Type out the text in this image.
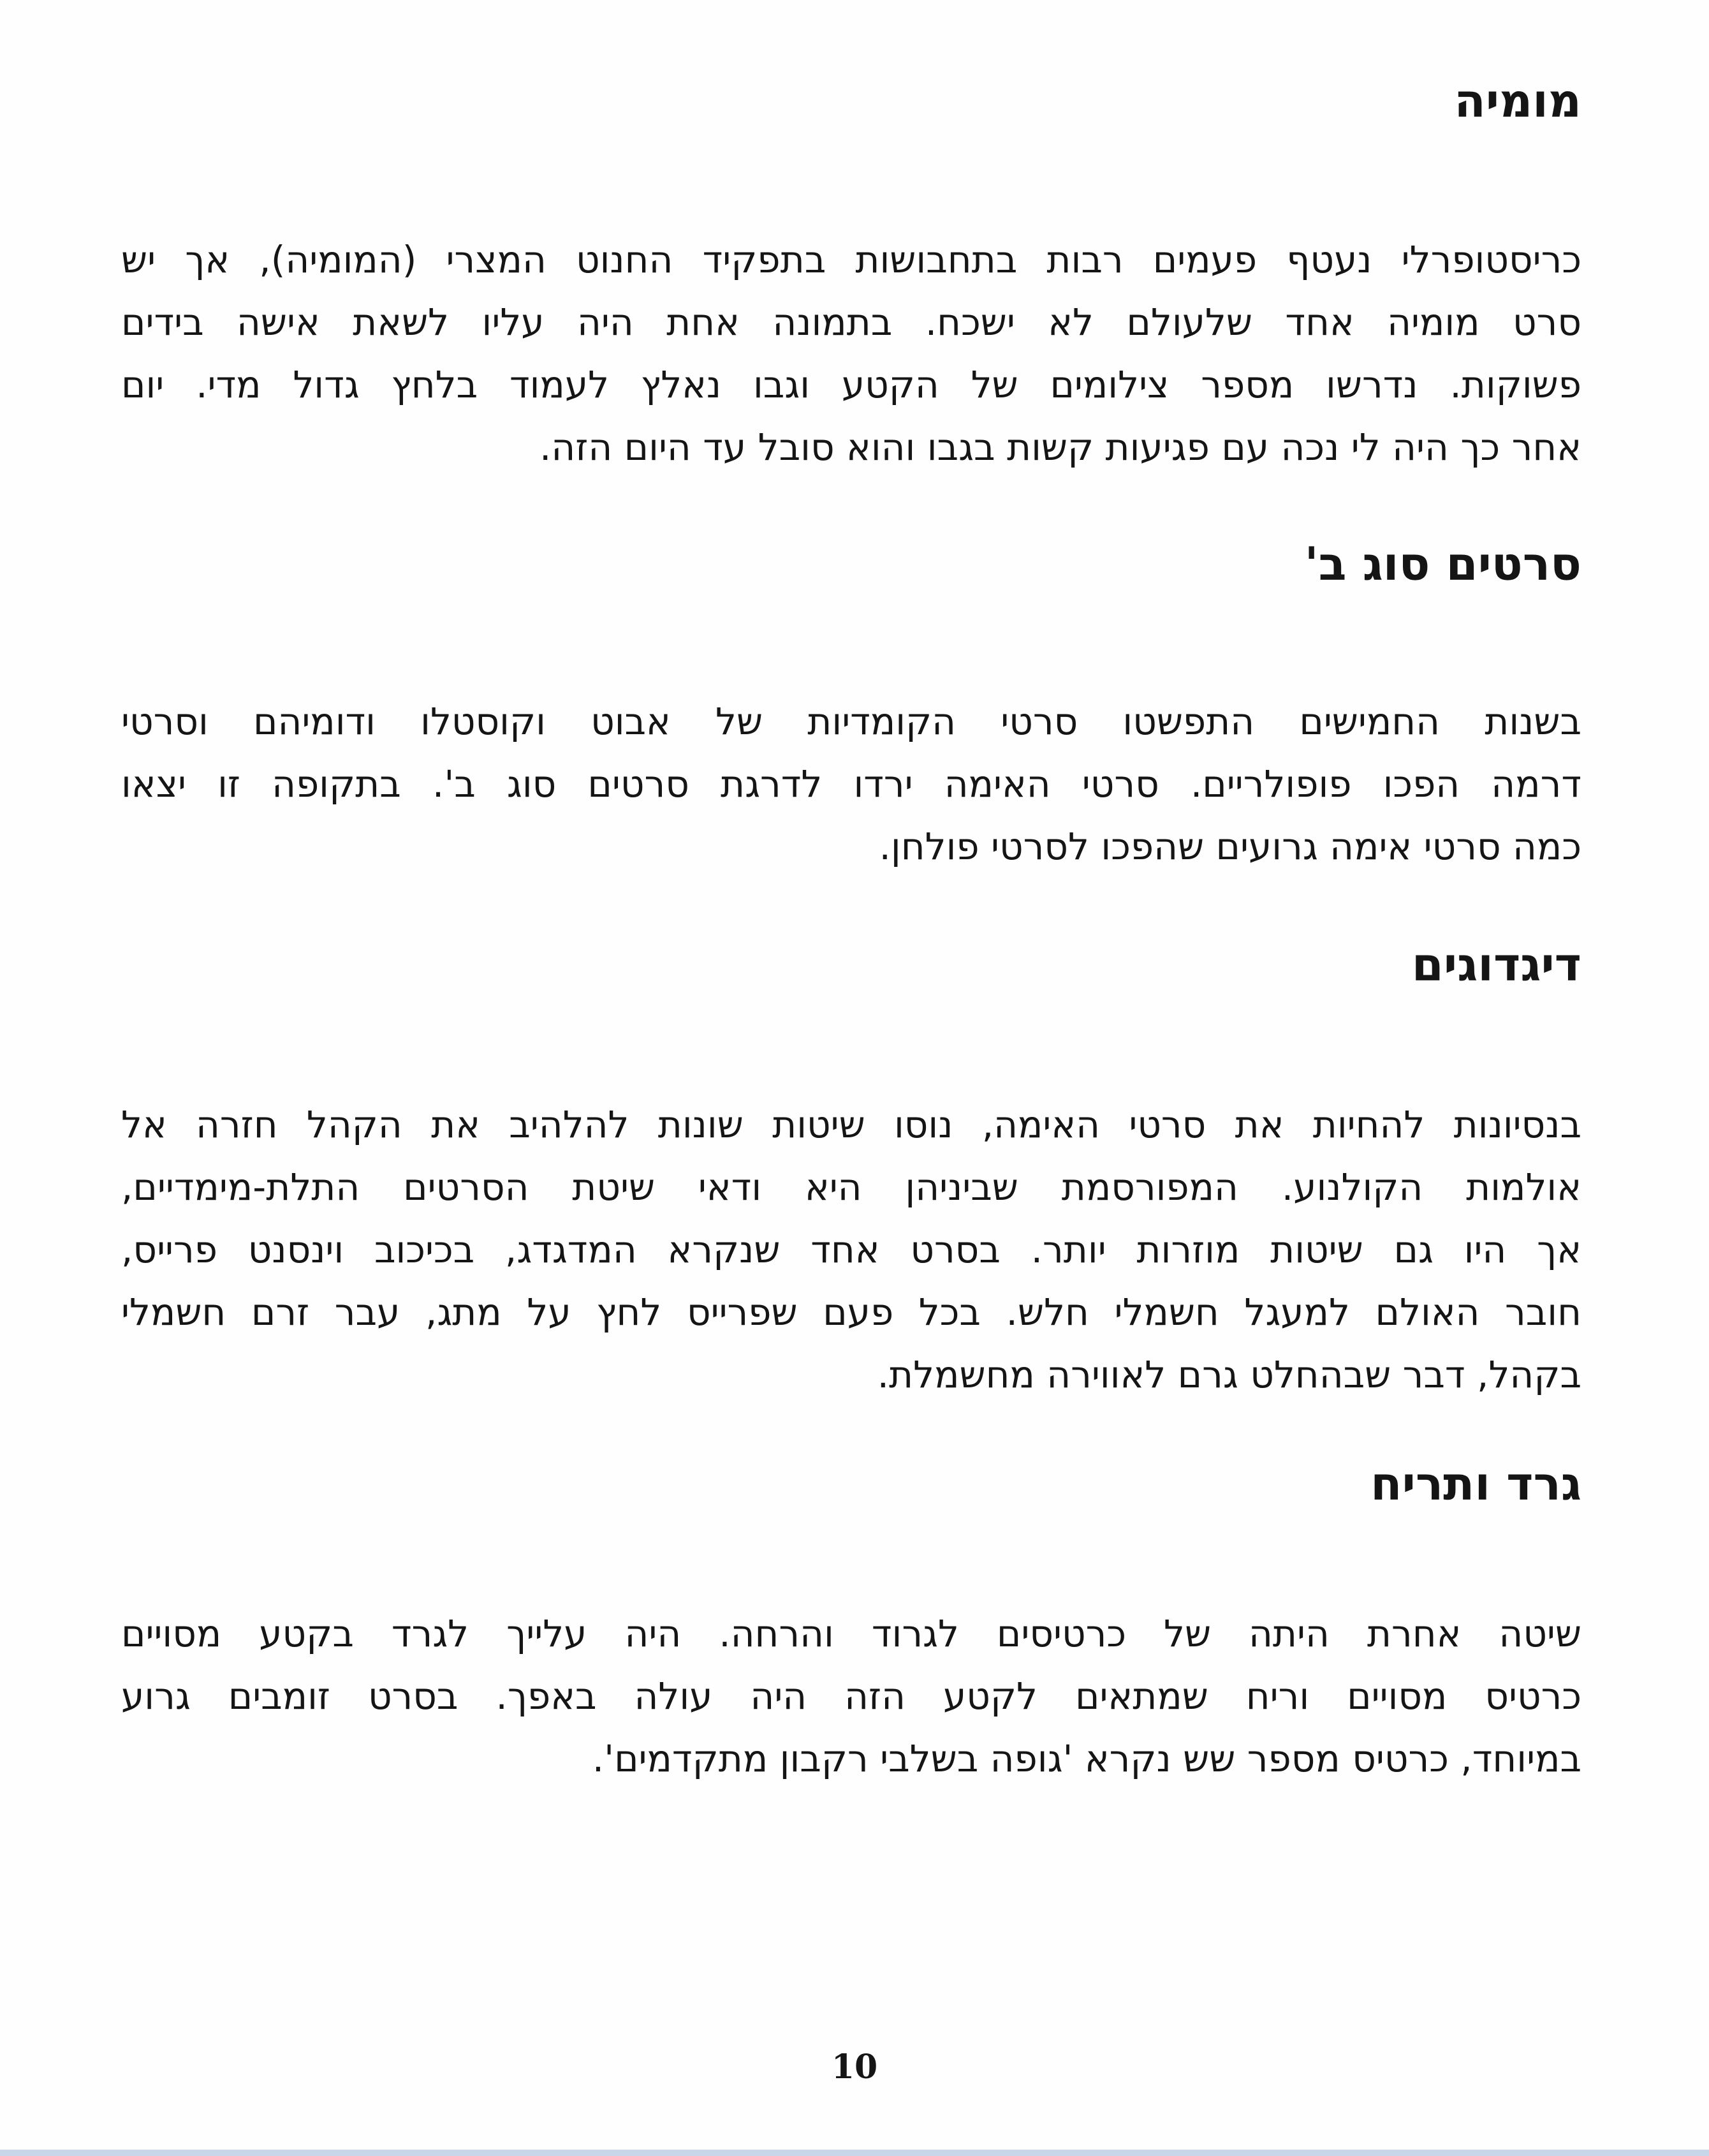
מומיה
כריסטופרלי נעטף פעמים רבות בתחבושות בתפקיד החנוט המצרי (המומיה), אך יש
סרט מומיה אחד שלעולם לא ישכח. בתמונה אחת היה עליו לשאת אישה בידים
פשוקות. נדרשו מספר צילומים של הקטע וגבו נאלץ לעמוד בלחץ גדול מדי. יום
אחר כך היה לי נכה עם פגיעות קשות בגבו והוא סובל עד היום הזה.
סרטים סוג ב'
בשנות החמישים התפשטו סרטי הקומדיות של אבוט וקוסטלו ודומיהם וסרטי
דרמה הפכו פופולריים. סרטי האימה ירדו לדרגת סרטים סוג ב'. בתקופה זו יצאו
כמה סרטי אימה גרועים שהפכו לסרטי פולחן.
דיגדוגים
בנסיונות להחיות את סרטי האימה, נוסו שיטות שונות להלהיב את הקהל חזרה אל
אולמות הקולנוע. המפורסמת שביניהן היא ודאי שיטת הסרטים התלת-מימדיים,
אך היו גם שיטות מוזרות יותר. בסרט אחד שנקרא המדגדג, בכיכוב וינסנט פרייס,
חובר האולם למעגל חשמלי חלש. בכל פעם שפרייס לחץ על מתג, עבר זרם חשמלי
בקהל, דבר שבהחלט גרם לאווירה מחשמלת.
גרד ותריח
שיטה אחרת היתה של כרטיסים לגרוד והרחה. היה עלייך לגרד בקטע מסויים
כרטיס מסויים וריח שמתאים לקטע הזה היה עולה באפך. בסרט זומבים גרוע
במיוחד, כרטיס מספר שש נקרא 'גופה בשלבי רקבון מתקדמים'.

10
